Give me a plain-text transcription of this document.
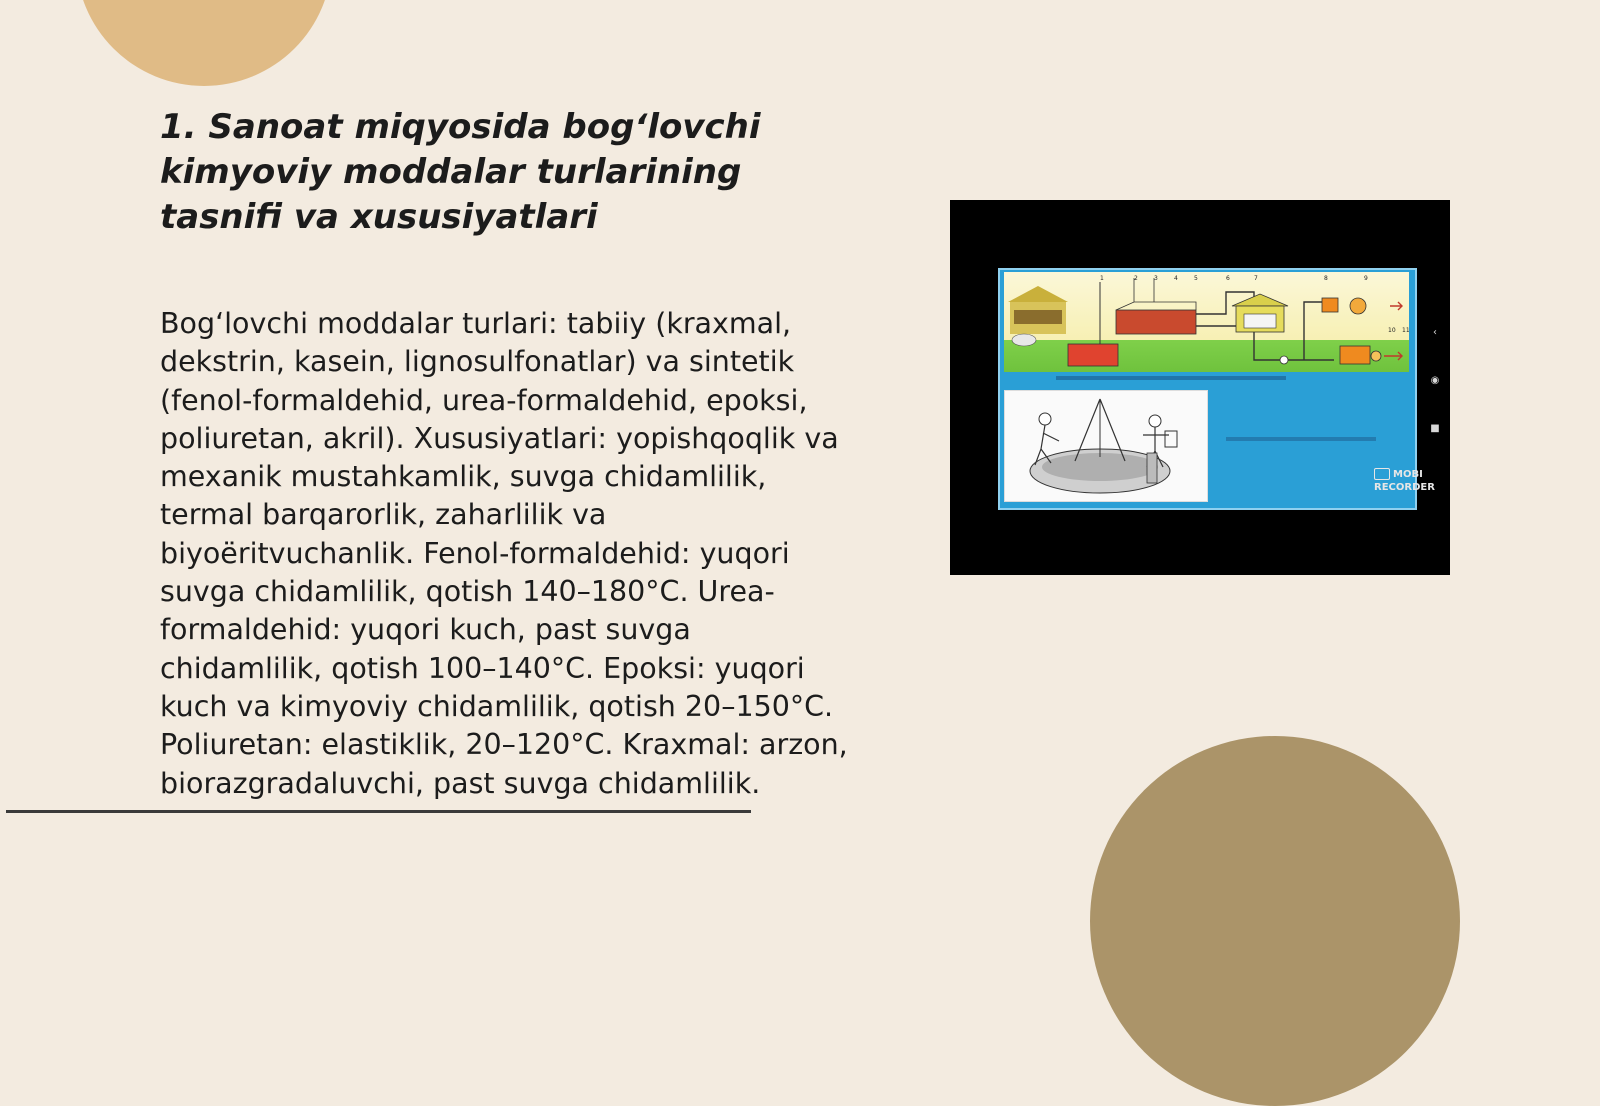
1. Sanoat miqyosida bog‘lovchi kimyoviy moddalar turlarining tasnifi va xususiyatlari

Bog‘lovchi moddalar turlari: tabiiy (kraxmal, dekstrin, kasein, lignosulfonatlar) va sintetik (fenol-formaldehid, urea-formaldehid, epoksi, poliuretan, akril). Xususiyatlari: yopishqoqlik va mexanik mustahkamlik, suvga chidamlilik, termal barqarorlik, zaharlilik va biyoëritvuchanlik. Fenol-formaldehid: yuqori suvga chidamlilik, qotish 140–180°C. Urea-formaldehid: yuqori kuch, past suvga chidamlilik, qotish 100–140°C. Epoksi: yuqori kuch va kimyoviy chidamlilik, qotish 20–150°C. Poliuretan: elastiklik, 20–120°C. Kraxmal: arzon, biorazgradaluvchi, past suvga chidamlilik.

1	2	3	4	5	6	7	8	9
10 11	‹
◉
■
MOBI
RECORDER
